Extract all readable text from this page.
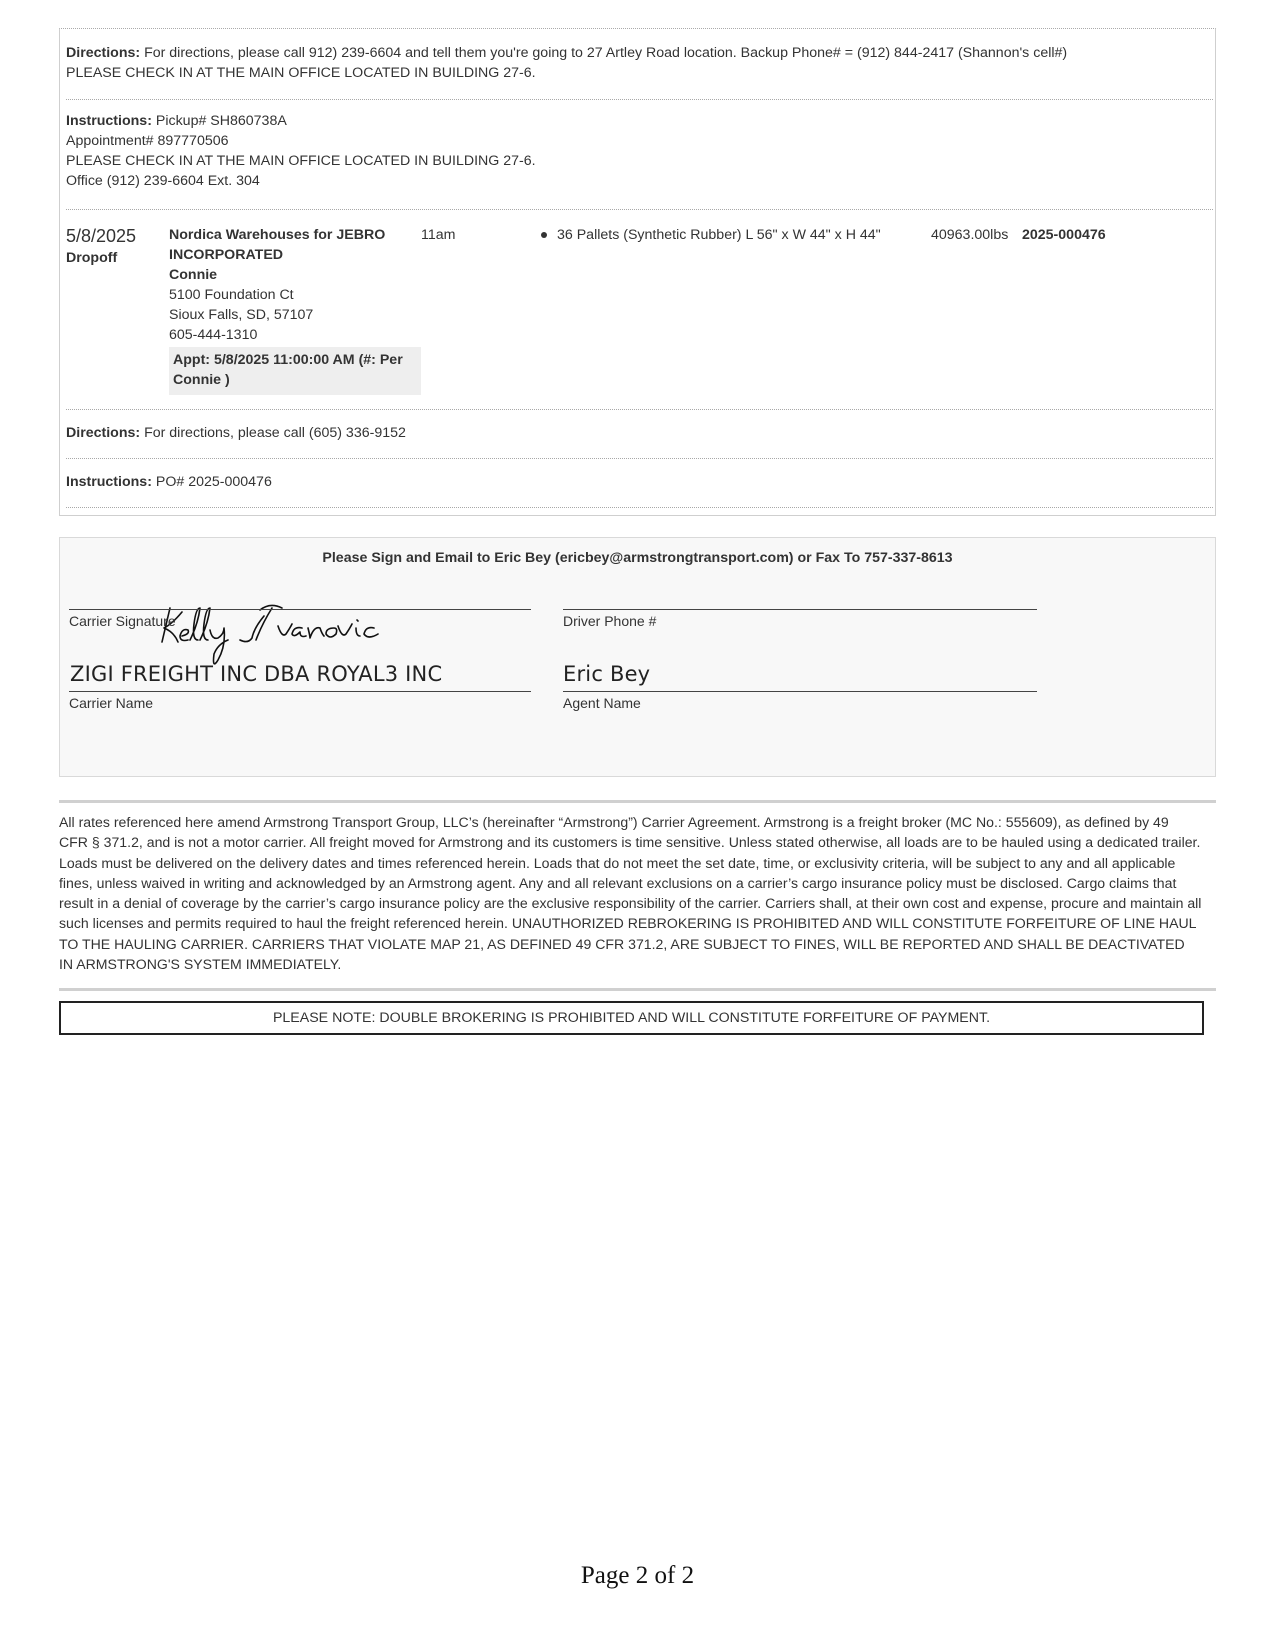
Directions: For directions, please call 912) 239-6604 and tell them you're going to 27 Artley Road location. Backup Phone# = (912) 844-2417 (Shannon's cell#)
PLEASE CHECK IN AT THE MAIN OFFICE LOCATED IN BUILDING 27-6.
Instructions: Pickup# SH860738A
Appointment# 897770506
PLEASE CHECK IN AT THE MAIN OFFICE LOCATED IN BUILDING 27-6.
Office (912) 239-6604 Ext. 304
5/8/2025
Dropoff
Nordica Warehouses for JEBRO
INCORPORATED
Connie
5100 Foundation Ct
Sioux Falls, SD, 57107
605-444-1310
Appt: 5/8/2025 11:00:00 AM (#: Per
Connie )
11am	36 Pallets (Synthetic Rubber) L 56" x W 44" x H 44"	40963.00lbs 2025-000476
Directions: For directions, please call (605) 336-9152
Instructions: PO# 2025-000476
Please Sign and Email to Eric Bey (ericbey@armstrongtransport.com) or Fax To 757-337-8613
Carrier Signature	Driver Phone #
ZIGI FREIGHT INC DBA ROYAL3 INC
Carrier Name
Eric Bey
Agent Name
All rates referenced here amend Armstrong Transport Group, LLC’s (hereinafter “Armstrong”) Carrier Agreement. Armstrong is a freight broker (MC No.: 555609), as defined by 49
CFR § 371.2, and is not a motor carrier. All freight moved for Armstrong and its customers is time sensitive. Unless stated otherwise, all loads are to be hauled using a dedicated trailer.
Loads must be delivered on the delivery dates and times referenced herein. Loads that do not meet the set date, time, or exclusivity criteria, will be subject to any and all applicable
fines, unless waived in writing and acknowledged by an Armstrong agent. Any and all relevant exclusions on a carrier’s cargo insurance policy must be disclosed. Cargo claims that
result in a denial of coverage by the carrier’s cargo insurance policy are the exclusive responsibility of the carrier. Carriers shall, at their own cost and expense, procure and maintain all
such licenses and permits required to haul the freight referenced herein. UNAUTHORIZED REBROKERING IS PROHIBITED AND WILL CONSTITUTE FORFEITURE OF LINE HAUL
TO THE HAULING CARRIER. CARRIERS THAT VIOLATE MAP 21, AS DEFINED 49 CFR 371.2, ARE SUBJECT TO FINES, WILL BE REPORTED AND SHALL BE DEACTIVATED
IN ARMSTRONG'S SYSTEM IMMEDIATELY.
PLEASE NOTE: DOUBLE BROKERING IS PROHIBITED AND WILL CONSTITUTE FORFEITURE OF PAYMENT.
Page 2 of 2
